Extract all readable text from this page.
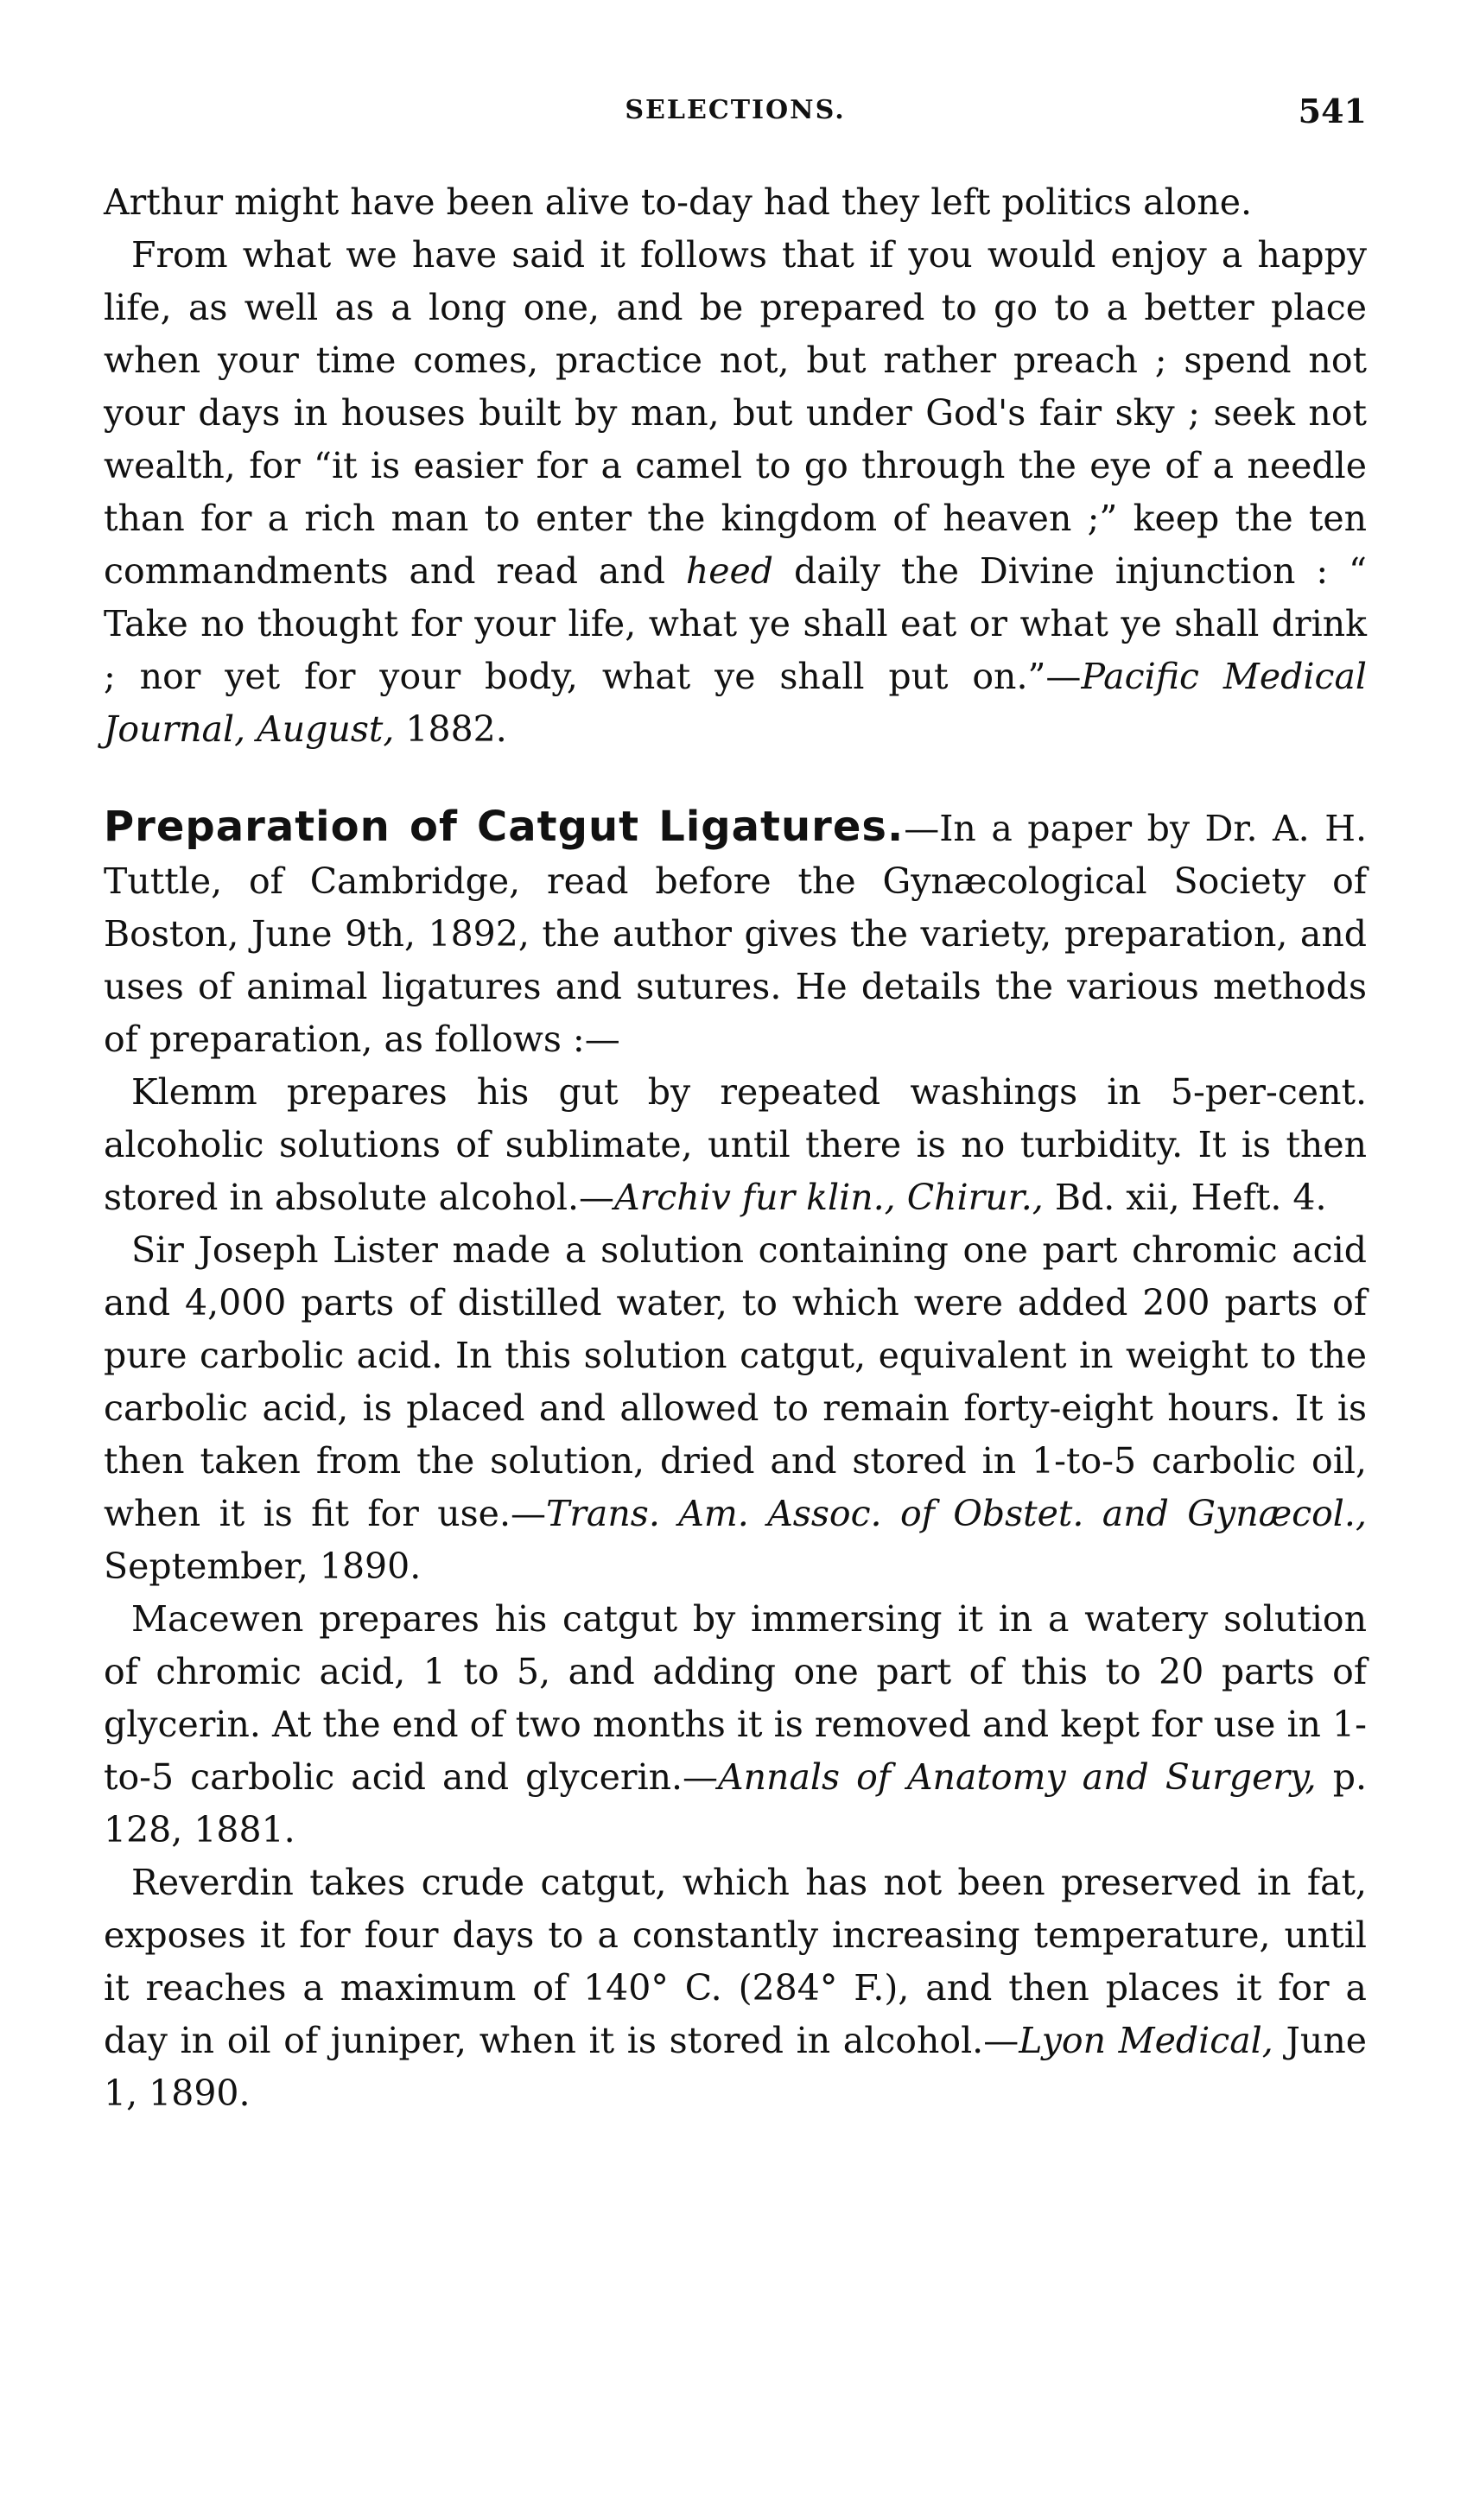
SELECTIONS.	541

Arthur might have been alive to-day had they left politics alone.

From what we have said it follows that if you would enjoy a happy life, as well as a long one, and be prepared to go to a better place when your time comes, practice not, but rather preach ; spend not your days in houses built by man, but under God's fair sky ; seek not wealth, for “it is easier for a camel to go through the eye of a needle than for a rich man to enter the kingdom of heaven ;” keep the ten commandments and read and heed daily the Divine injunction : “ Take no thought for your life, what ye shall eat or what ye shall drink ; nor yet for your body, what ye shall put on.”—Pacific Medical Journal, August, 1882.

Preparation of Catgut Ligatures.—In a paper by Dr. A. H. Tuttle, of Cambridge, read before the Gynæcological Society of Boston, June 9th, 1892, the author gives the variety, preparation, and uses of animal ligatures and sutures. He details the various methods of preparation, as follows :—

Klemm prepares his gut by repeated washings in 5-per-cent. alcoholic solutions of sublimate, until there is no turbidity. It is then stored in absolute alcohol.—Archiv fur klin., Chirur., Bd. xii, Heft. 4.

Sir Joseph Lister made a solution containing one part chromic acid and 4,000 parts of distilled water, to which were added 200 parts of pure carbolic acid. In this solution catgut, equivalent in weight to the carbolic acid, is placed and allowed to remain forty-eight hours. It is then taken from the solution, dried and stored in 1-to-5 carbolic oil, when it is fit for use.—Trans. Am. Assoc. of Obstet. and Gynæcol., September, 1890.

Macewen prepares his catgut by immersing it in a watery solution of chromic acid, 1 to 5, and adding one part of this to 20 parts of glycerin. At the end of two months it is removed and kept for use in 1-to-5 carbolic acid and glycerin.—Annals of Anatomy and Surgery, p. 128, 1881.

Reverdin takes crude catgut, which has not been preserved in fat, exposes it for four days to a constantly increasing temperature, until it reaches a maximum of 140° C. (284° F.), and then places it for a day in oil of juniper, when it is stored in alcohol.—Lyon Medical, June 1, 1890.
